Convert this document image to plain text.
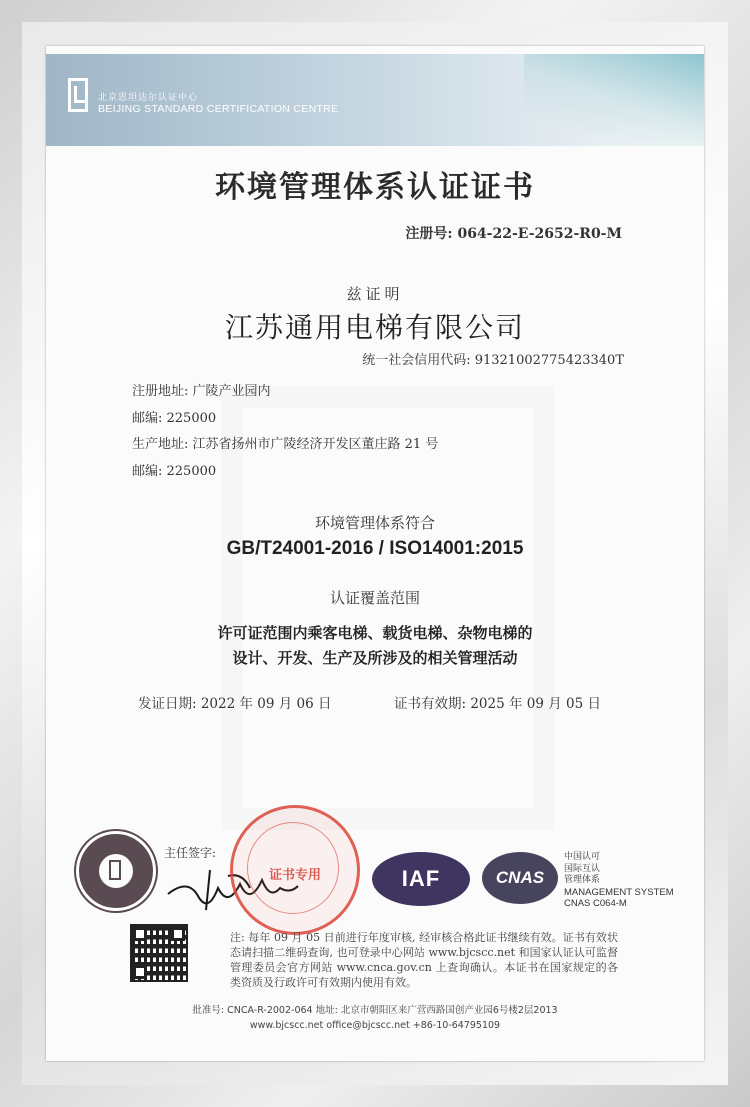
北京思坦达尔认证中心
BEIJING STANDARD CERTIFICATION CENTRE
环境管理体系认证证书
注册号: 064-22-E-2652-R0-M
兹证明
江苏通用电梯有限公司
统一社会信用代码: 91321002775423340T
注册地址: 广陵产业园内
邮编: 225000
生产地址: 江苏省扬州市广陵经济开发区董庄路 21 号
邮编: 225000
环境管理体系符合
GB/T24001-2016 / ISO14001:2015
认证覆盖范围
许可证范围内乘客电梯、载货电梯、杂物电梯的
设计、开发、生产及所涉及的相关管理活动
发证日期: 2022 年 09 月 06 日	证书有效期: 2025 年 09 月 05 日
主任签字:
证书专用	IAF	CNAS
中国认可
国际互认
管理体系
MANAGEMENT SYSTEM
CNAS C064-M
注: 每年 09 月 05 日前进行年度审核, 经审核合格此证书继续有效。证书有效状态请扫描二维码查询, 也可登录中心网站 www.bjcscc.net 和国家认证认可监督管理委员会官方网站 www.cnca.gov.cn 上查询确认。本证书在国家规定的各类资质及行政许可有效期内使用有效。
批准号: CNCA-R-2002-064 地址: 北京市朝阳区来广营西路国创产业园6号楼2层2013
www.bjcscc.net office@bjcscc.net +86-10-64795109
